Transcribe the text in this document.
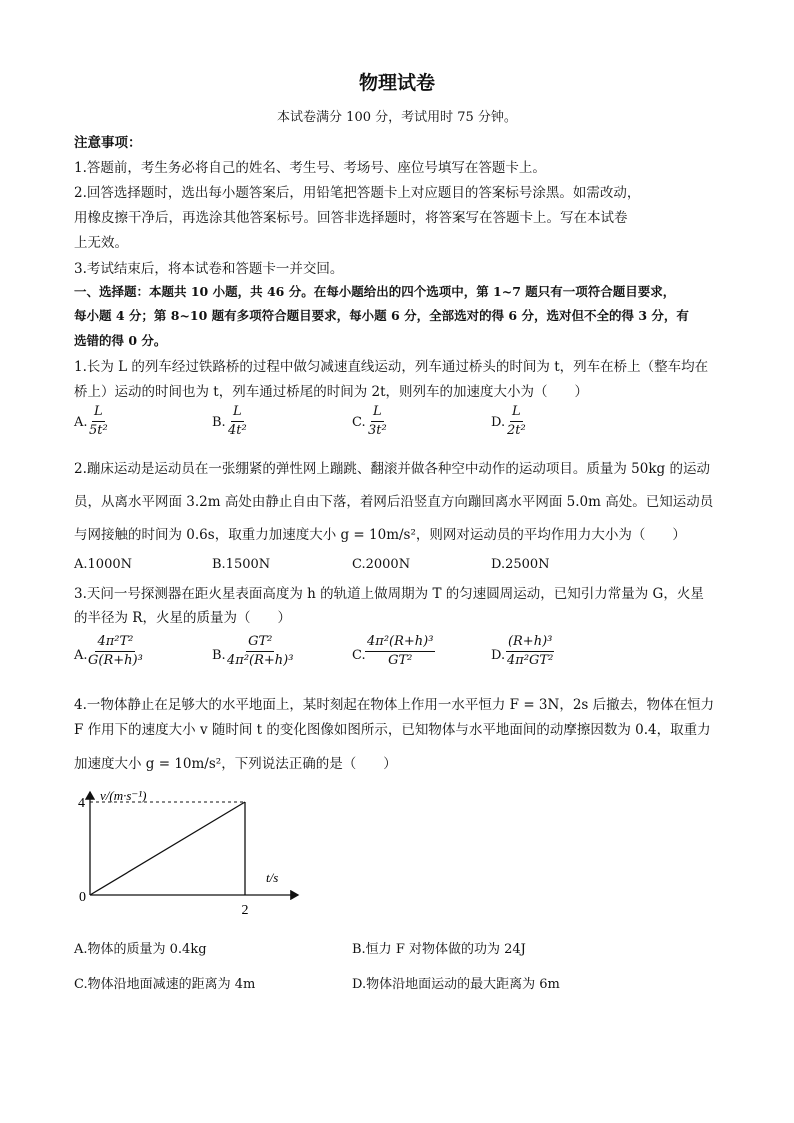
物理试卷
本试卷满分 100 分，考试用时 75 分钟。
注意事项：
1.答题前，考生务必将自己的姓名、考生号、考场号、座位号填写在答题卡上。
2.回答选择题时，选出每小题答案后，用铅笔把答题卡上对应题目的答案标号涂黑。如需改动，
用橡皮擦干净后，再选涂其他答案标号。回答非选择题时，将答案写在答题卡上。写在本试卷
上无效。
3.考试结束后，将本试卷和答题卡一并交回。
一、选择题：本题共 10 小题，共 46 分。在每小题给出的四个选项中，第 1~7 题只有一项符合题目要求，
每小题 4 分；第 8~10 题有多项符合题目要求，每小题 6 分，全部选对的得 6 分，选对但不全的得 3 分，有
选错的得 0 分。
1.长为 L 的列车经过铁路桥的过程中做匀减速直线运动，列车通过桥头的时间为 t，列车在桥上（整车均在
桥上）运动的时间也为 t，列车通过桥尾的时间为 2t，则列车的加速度大小为（　　）
A. $\frac{L}{\text{5t²}}$	B. $\frac{L}{\text{4t²}}$	C. $\frac{L}{\text{3t²}}$	D. $\frac{L}{\text{2t²}}$
2.蹦床运动是运动员在一张绷紧的弹性网上蹦跳、翻滚并做各种空中动作的运动项目。质量为 50kg 的运动
员，从离水平网面 3.2m 高处由静止自由下落，着网后沿竖直方向蹦回离水平网面 5.0m 高处。已知运动员
与网接触的时间为 0.6s，取重力加速度大小 g = 10m/s²，则网对运动员的平均作用力大小为（　　）
A.1000N	B.1500N	C.2000N	D.2500N
3.天问一号探测器在距火星表面高度为 h 的轨道上做周期为 T 的匀速圆周运动，已知引力常量为 G，火星
的半径为 R，火星的质量为（　　）
A.
$\frac{\text{4π²T²}}{\text{G(R+h)³}}$	B. $\frac{\text{GT²}}{\text{4π²(R+h)³}}$	C. $\frac{\text{4π²(R+h)³}}{\text{GT²}}$	D. $\frac{\text{(R+h)³}}{\text{4π²GT²}}$
4.一物体静止在足够大的水平地面上，某时刻起在物体上作用一水平恒力 F = 3N，2s 后撤去，物体在恒力
F 作用下的速度大小 v 随时间 t 的变化图像如图所示，已知物体与水平地面间的动摩擦因数为 0.4，取重力
加速度大小 g = 10m/s²，下列说法正确的是（　　）
v/(m·s⁻¹)
t/s
4
0
2
A.物体的质量为 0.4kg	B.恒力 F 对物体做的功为 24J
C.物体沿地面减速的距离为 4m	D.物体沿地面运动的最大距离为 6m
